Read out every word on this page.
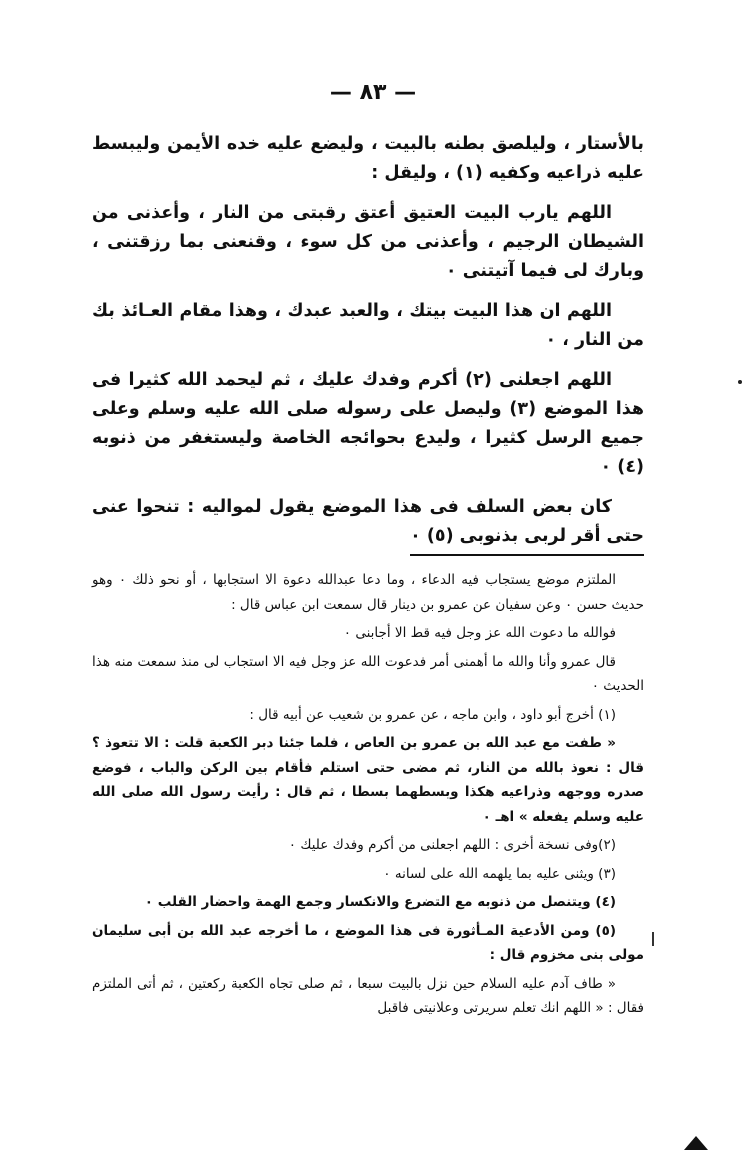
— ٨٣ —

بالأستار ، وليلصق بطنه بالبيت ، وليضع عليه خده الأيمن وليبسط عليه ذراعيه وكفيه (١) ، وليقل :

اللهم يارب البيت العتيق أعتق رقبتى من النار ، وأعذنى من الشيطان الرجيم ، وأعذنى من كل سوء ، وقنعنى بما رزقتنى ، وبارك لى فيما آتيتنى ٠

اللهم ان هذا البيت بيتك ، والعبد عبدك ، وهذا مقام العـائذ بك من النار ، ٠

اللهم اجعلنى (٢) أكرم وفدك عليك ، ثم ليحمد الله كثيرا فى هذا الموضع (٣) وليصل على رسوله صلى الله عليه وسلم وعلى جميع الرسل كثيرا ، وليدع بحوائجه الخاصة وليستغفر من ذنوبه (٤) ٠

كان بعض السلف فى هذا الموضع يقول لمواليه : تنحوا عنى حتى أقر لربى بذنوبى (٥) ٠

الملتزم موضع يستجاب فيه الدعاء ، وما دعا عبدالله دعوة الا استجابها ، أو نحو ذلك ٠ وهو حديث حسن ٠ وعن سفيان عن عمرو بن دينار قال سمعت ابن عباس قال :

فوالله ما دعوت الله عز وجل فيه قط الا أجابنى ٠

قال عمرو وأنا والله ما أهمنى أمر فدعوت الله عز وجل فيه الا استجاب لى منذ سمعت منه هذا الحديث ٠

(١) أخرج أبو داود ، وابن ماجه ، عن عمرو بن شعيب عن أبيه قال :

« طفت مع عبد الله بن عمرو بن العاص ، فلما جئنا دبر الكعبة قلت : الا تتعوذ ؟ قال : نعوذ بالله من النار، ثم مضى حتى استلم فأقام بين الركن والباب ، فوضع صدره ووجهه وذراعيه هكذا وبسطهما بسطا ، ثم قال : رأيت رسول الله صلى الله عليه وسلم يفعله » اهـ ٠

(٢)وفى نسخة أخرى : اللهم اجعلنى من أكرم وفدك عليك ٠

(٣) ويثنى عليه بما يلهمه الله على لسانه ٠

(٤) ويتنصل من ذنوبه مع التضرع والانكسار وجمع الهمة واحضار القلب ٠

(٥) ومن الأدعية المـأثورة فى هذا الموضع ، ما أخرجه عبد الله بن أبى سليمان مولى بنى مخزوم قال :

« طاف آدم عليه السلام حين نزل بالبيت سبعا ، ثم صلى تجاه الكعبة ركعتين ، ثم أتى الملتزم فقال : « اللهم انك تعلم سريرتى وعلانيتى فاقبل
